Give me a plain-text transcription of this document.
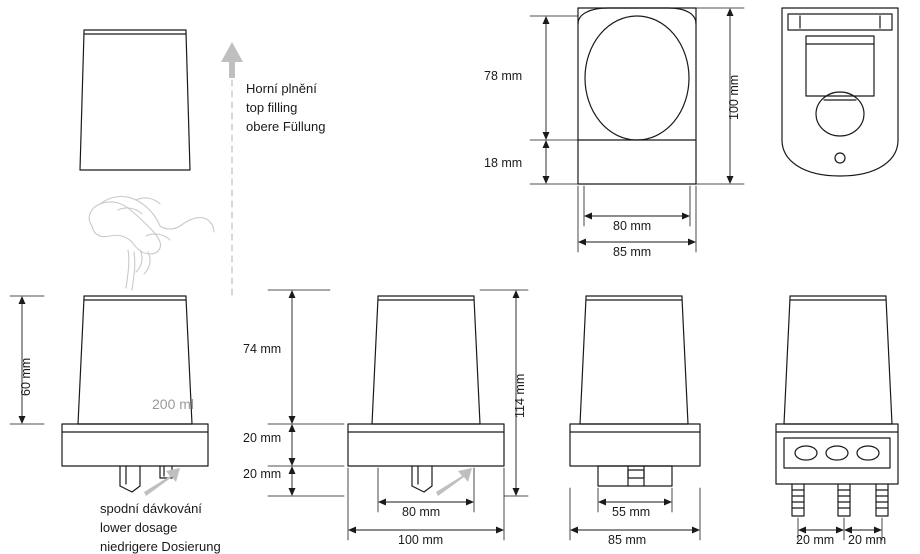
Horní plnění
top filling
obere Füllung
spodní dávkování
lower dosage
niedrigere Dosierung
200 ml
60 mm
78 mm
18 mm
100 mm
80 mm
85 mm
74 mm
20 mm
20 mm
114 mm
80 mm
100 mm
55 mm
85 mm	20 mm 20 mm
